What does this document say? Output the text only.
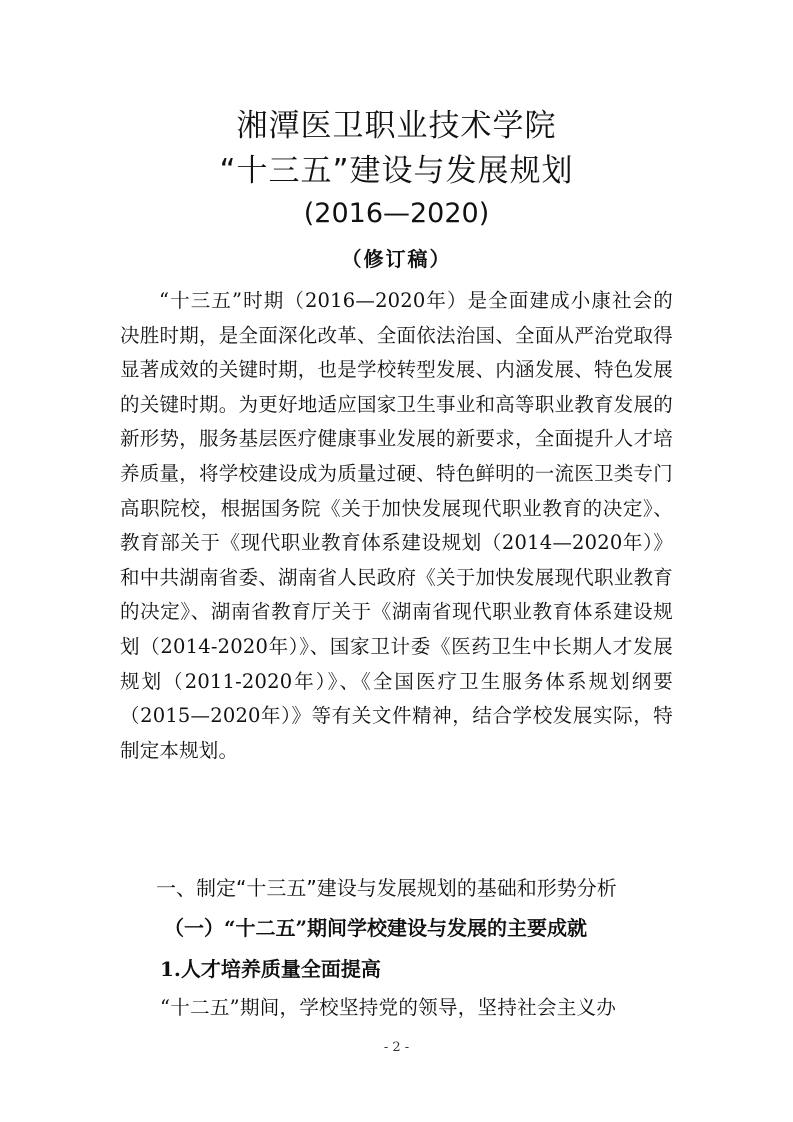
湘潭医卫职业技术学院
“十三五”建设与发展规划
(2016—2020)
（修订稿）

“十三五”时期（2016—2020年）是全面建成小康社会的决胜时期，是全面深化改革、全面依法治国、全面从严治党取得显著成效的关键时期，也是学校转型发展、内涵发展、特色发展的关键时期。为更好地适应国家卫生事业和高等职业教育发展的新形势，服务基层医疗健康事业发展的新要求，全面提升人才培养质量，将学校建设成为质量过硬、特色鲜明的一流医卫类专门高职院校，根据国务院《关于加快发展现代职业教育的决定》、教育部关于《现代职业教育体系建设规划（2014—2020年）》和中共湖南省委、湖南省人民政府《关于加快发展现代职业教育的决定》、湖南省教育厅关于《湖南省现代职业教育体系建设规划（2014-2020年）》、国家卫计委《医药卫生中长期人才发展规划（2011-2020年）》、《全国医疗卫生服务体系规划纲要（2015—2020年）》等有关文件精神，结合学校发展实际，特制定本规划。

一、制定“十三五”建设与发展规划的基础和形势分析
（一）“十二五”期间学校建设与发展的主要成就
1.人才培养质量全面提高
“十二五”期间，学校坚持党的领导，坚持社会主义办
- 2 -
